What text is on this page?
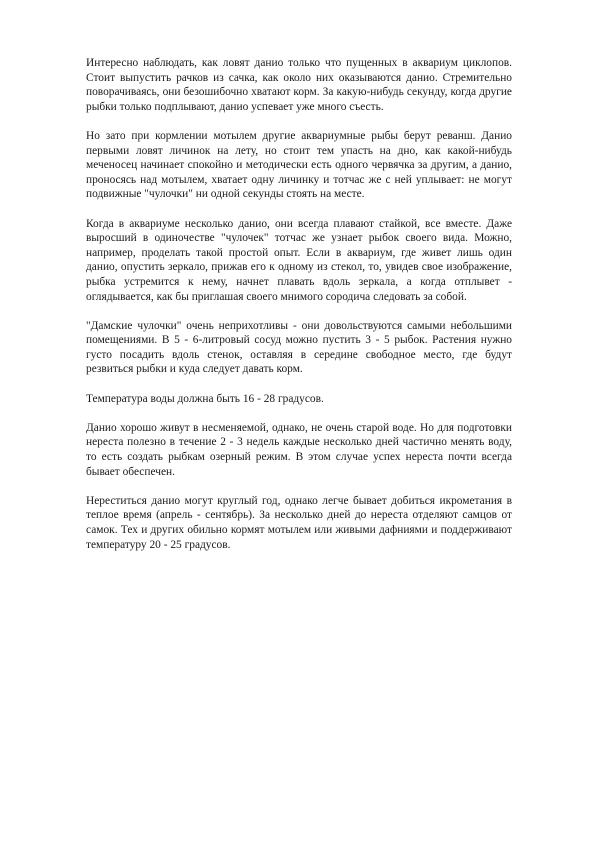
Интересно наблюдать, как ловят данио только что пущенных в аквариум циклопов. Стоит выпустить рачков из сачка, как около них оказываются данио. Стремительно поворачиваясь, они безошибочно хватают корм. За какую-нибудь секунду, когда другие рыбки только подплывают, данио успевает уже много съесть.

Но зато при кормлении мотылем другие аквариумные рыбы берут реванш. Данио первыми ловят личинок на лету, но стоит тем упасть на дно, как какой-нибудь меченосец начинает спокойно и методически есть одного червячка за другим, а данио, проносясь над мотылем, хватает одну личинку и тотчас же с ней уплывает: не могут подвижные "чулочки" ни одной секунды стоять на месте.

Когда в аквариуме несколько данио, они всегда плавают стайкой, все вместе. Даже выросший в одиночестве "чулочек" тотчас же узнает рыбок своего вида. Можно, например, проделать такой простой опыт. Если в аквариум, где живет лишь один данио, опустить зеркало, прижав его к одному из стекол, то, увидев свое изображение, рыбка устремится к нему, начнет плавать вдоль зеркала, а когда отплывет - оглядывается, как бы приглашая своего мнимого сородича следовать за собой.

"Дамские чулочки" очень неприхотливы - они довольствуются самыми небольшими помещениями. В 5 - 6-литровый сосуд можно пустить 3 - 5 рыбок. Растения нужно густо посадить вдоль стенок, оставляя в середине свободное место, где будут резвиться рыбки и куда следует давать корм.

Температура воды должна быть 16 - 28 градусов.

Данио хорошо живут в несменяемой, однако, не очень старой воде. Но для подготовки нереста полезно в течение 2 - 3 недель каждые несколько дней частично менять воду, то есть создать рыбкам озерный режим. В этом случае успех нереста почти всегда бывает обеспечен.

Нереститься данио могут круглый год, однако легче бывает добиться икрометания в теплое время (апрель - сентябрь). За несколько дней до нереста отделяют самцов от самок. Тех и других обильно кормят мотылем или живыми дафниями и поддерживают температуру 20 - 25 градусов.
